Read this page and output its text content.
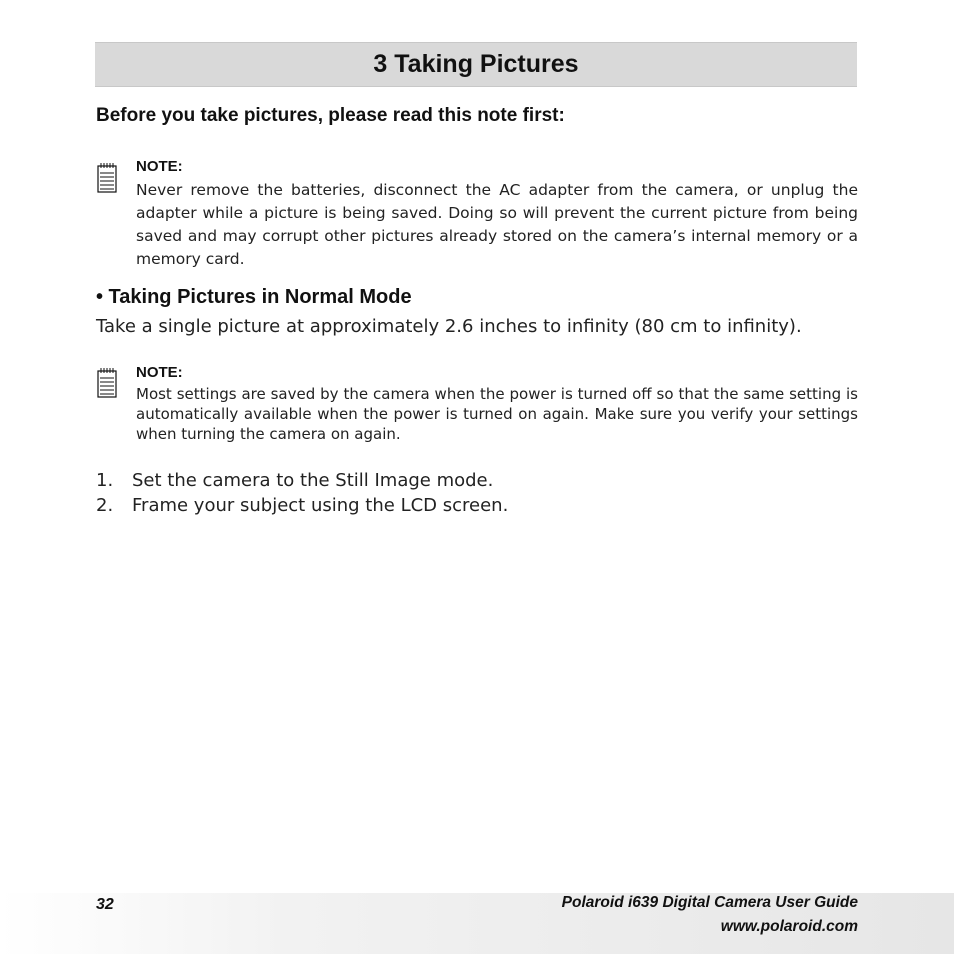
3 Taking Pictures
Before you take pictures, please read this note first:
NOTE:

Never remove the batteries, disconnect the AC adapter from the camera, or unplug the adapter while a picture is being saved. Doing so will prevent the current picture from being saved and may corrupt other pictures already stored on the camera’s internal memory or a memory card.

• Taking Pictures in Normal Mode

Take a single picture at approximately 2.6 inches to infinity (80 cm to infinity).

NOTE:

Most settings are saved by the camera when the power is turned off so that the same setting is automatically available when the power is turned on again. Make sure you verify your settings when turning the camera on again.

1.	Set the camera to the Still Image mode.
2.	Frame your subject using the LCD screen.
32	Polaroid i639 Digital Camera User Guide
www.polaroid.com
